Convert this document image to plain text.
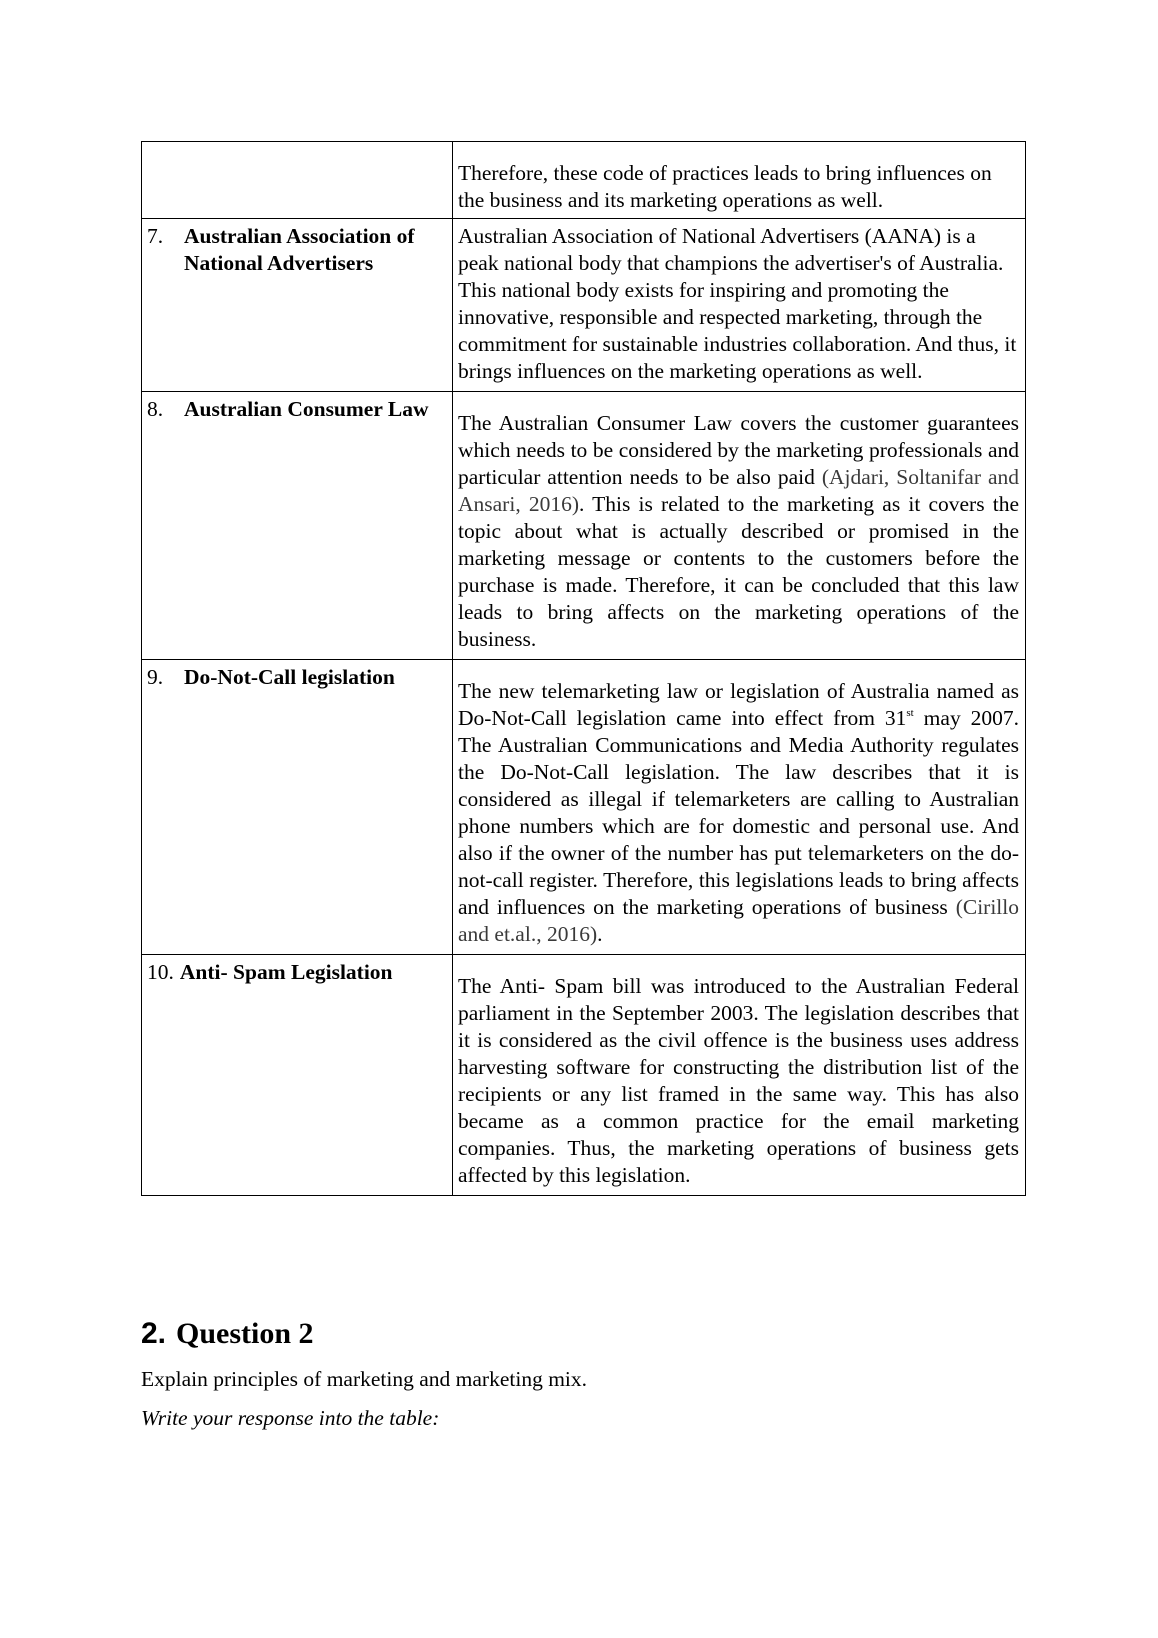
	Therefore, these code of practices leads to bring influences on the business and its marketing operations as well.

7. Australian Association of National Advertisers	Australian Association of National Advertisers (AANA) is a peak national body that champions the advertiser's of Australia. This national body exists for inspiring and promoting the innovative, responsible and respected marketing, through the commitment for sustainable industries collaboration. And thus, it brings influences on the marketing operations as well.

8. Australian Consumer Law	The Australian Consumer Law covers the customer guarantees which needs to be considered by the marketing professionals and particular attention needs to be also paid (Ajdari, Soltanifar and Ansari, 2016). This is related to the marketing as it covers the topic about what is actually described or promised in the marketing message or contents to the customers before the purchase is made. Therefore, it can be concluded that this law leads to bring affects on the marketing operations of the business.

9. Do-Not-Call legislation	The new telemarketing law or legislation of Australia named as Do-Not-Call legislation came into effect from 31st may 2007. The Australian Communications and Media Authority regulates the Do-Not-Call legislation. The law describes that it is considered as illegal if telemarketers are calling to Australian phone numbers which are for domestic and personal use. And also if the owner of the number has put telemarketers on the do-not-call register. Therefore, this legislations leads to bring affects and influences on the marketing operations of business (Cirillo and et.al., 2016).

10. Anti- Spam Legislation	The Anti- Spam bill was introduced to the Australian Federal parliament in the September 2003. The legislation describes that it is considered as the civil offence is the business uses address harvesting software for constructing the distribution list of the recipients or any list framed in the same way. This has also became as a common practice for the email marketing companies. Thus, the marketing operations of business gets affected by this legislation.
2. Question 2

Explain principles of marketing and marketing mix.

Write your response into the table:
